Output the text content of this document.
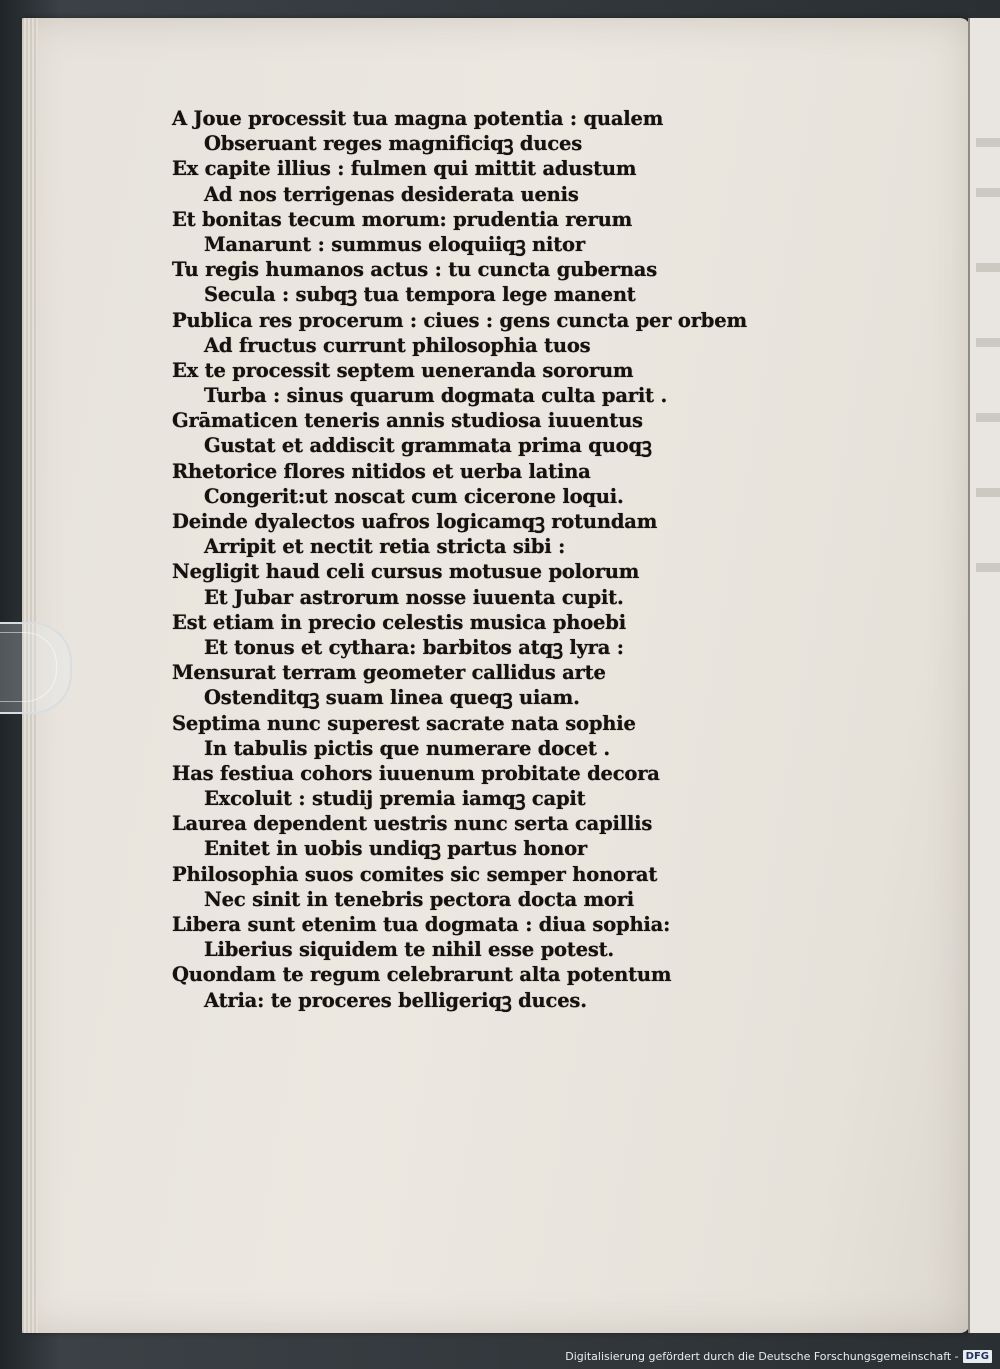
A Joue processit tua magna potentia : qualem
Obseruant reges magnificiqꝫ duces
Ex capite illius : fulmen qui mittit adustum
Ad nos terrigenas desiderata uenis
Et bonitas tecum morum: prudentia rerum
Manarunt : summus eloquiiqꝫ nitor
Tu regis humanos actus : tu cuncta gubernas
Secula : subqꝫ tua tempora lege manent
Publica res procerum : ciues : gens cuncta per orbem
Ad fructus currunt philosophia tuos
Ex te processit septem ueneranda sororum
Turba : sinus quarum dogmata culta parit .
Grāmaticen teneris annis studiosa iuuentus
Gustat et addiscit grammata prima quoqꝫ
Rhetorice flores nitidos et uerba latina
Congerit:ut noscat cum cicerone loqui.
Deinde dyalectos uafros logicamqꝫ rotundam
Arripit et nectit retia stricta sibi :
Negligit haud celi cursus motusue polorum
Et Jubar astrorum nosse iuuenta cupit.
Est etiam in precio celestis musica phoebi
Et tonus et cythara: barbitos atqꝫ lyra :
Mensurat terram geometer callidus arte
Ostenditqꝫ suam linea queqꝫ uiam.
Septima nunc superest sacrate nata sophie
In tabulis pictis que numerare docet .
Has festiua cohors iuuenum probitate decora
Excoluit : studij premia iamqꝫ capit
Laurea dependent uestris nunc serta capillis
Enitet in uobis undiqꝫ partus honor
Philosophia suos comites sic semper honorat
Nec sinit in tenebris pectora docta mori
Libera sunt etenim tua dogmata : diua sophia:
Liberius siquidem te nihil esse potest.
Quondam te regum celebrarunt alta potentum
Atria: te proceres belligeriqꝫ duces.
Digitalisierung gefördert durch die Deutsche Forschungsgemeinschaft - DFG
